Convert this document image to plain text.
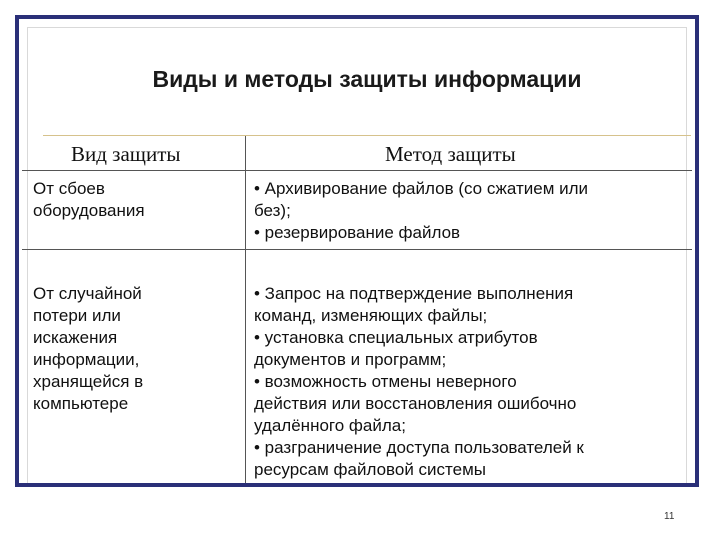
Виды и методы защиты информации
Вид защиты	Метод защиты
От сбоев
оборудования
• Архивирование файлов (со сжатием или
без);
• резервирование файлов
От случайной
потери или
искажения
информации,
хранящейся в
компьютере
• Запрос на подтверждение выполнения
команд, изменяющих файлы;
• установка специальных атрибутов
документов и программ;
• возможность отмены неверного
действия или восстановления ошибочно
удалённого файла;
• разграничение доступа пользователей к
ресурсам файловой системы
11
